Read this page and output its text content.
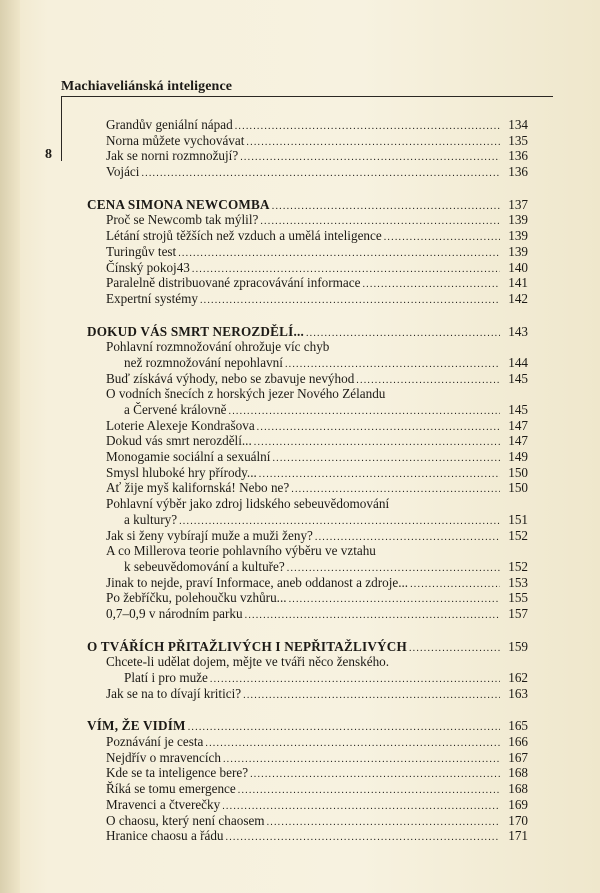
Machiaveliánská inteligence
8
Grandův geniální nápad .....	134
Norna můžete vychovávat .....	135
Jak se norni rozmnožují? .....	136
Vojáci .....	136
CENA SIMONA NEWCOMBA .....	137
Proč se Newcomb tak mýlil? .....	139
Létání strojů těžších než vzduch a umělá inteligence .....	139
Turingův test .....	139
Čínský pokoj43 .....	140
Paralelně distribuované zpracovávání informace .....	141
Expertní systémy .....	142
DOKUD VÁS SMRT NEROZDĚLÍ... .....	143
Pohlavní rozmnožování ohrožuje víc chyb
než rozmnožování nepohlavní .....	144
Buď získává výhody, nebo se zbavuje nevýhod .....	145
O vodních šnecích z horských jezer Nového Zélandu
a Červené královně .....	145
Loterie Alexeje Kondrašova .....	147
Dokud vás smrt nerozdělí... .....	147
Monogamie sociální a sexuální .....	149
Smysl hluboké hry přírody... .....	150
Ať žije myš kalifornská! Nebo ne? .....	150
Pohlavní výběr jako zdroj lidského sebeuvědomování
a kultury? .....	151
Jak si ženy vybírají muže a muži ženy? .....	152
A co Millerova teorie pohlavního výběru ve vztahu
k sebeuvědomování a kultuře? .....	152
Jinak to nejde, praví Informace, aneb oddanost a zdroje... .....	153
Po žebříčku, polehoučku vzhůru... .....	155
0,7–0,9 v národním parku .....	157
O TVÁŘÍCH PŘITAŽLIVÝCH I NEPŘITAŽLIVÝCH .....	159
Chcete-li udělat dojem, mějte ve tváři něco ženského.
Platí i pro muže .....	162
Jak se na to dívají kritici? .....	163
VÍM, ŽE VIDÍM .....	165
Poznávání je cesta .....	166
Nejdřív o mravencích .....	167
Kde se ta inteligence bere? .....	168
Říká se tomu emergence .....	168
Mravenci a čtverečky .....	169
O chaosu, který není chaosem .....	170
Hranice chaosu a řádu .....	171
